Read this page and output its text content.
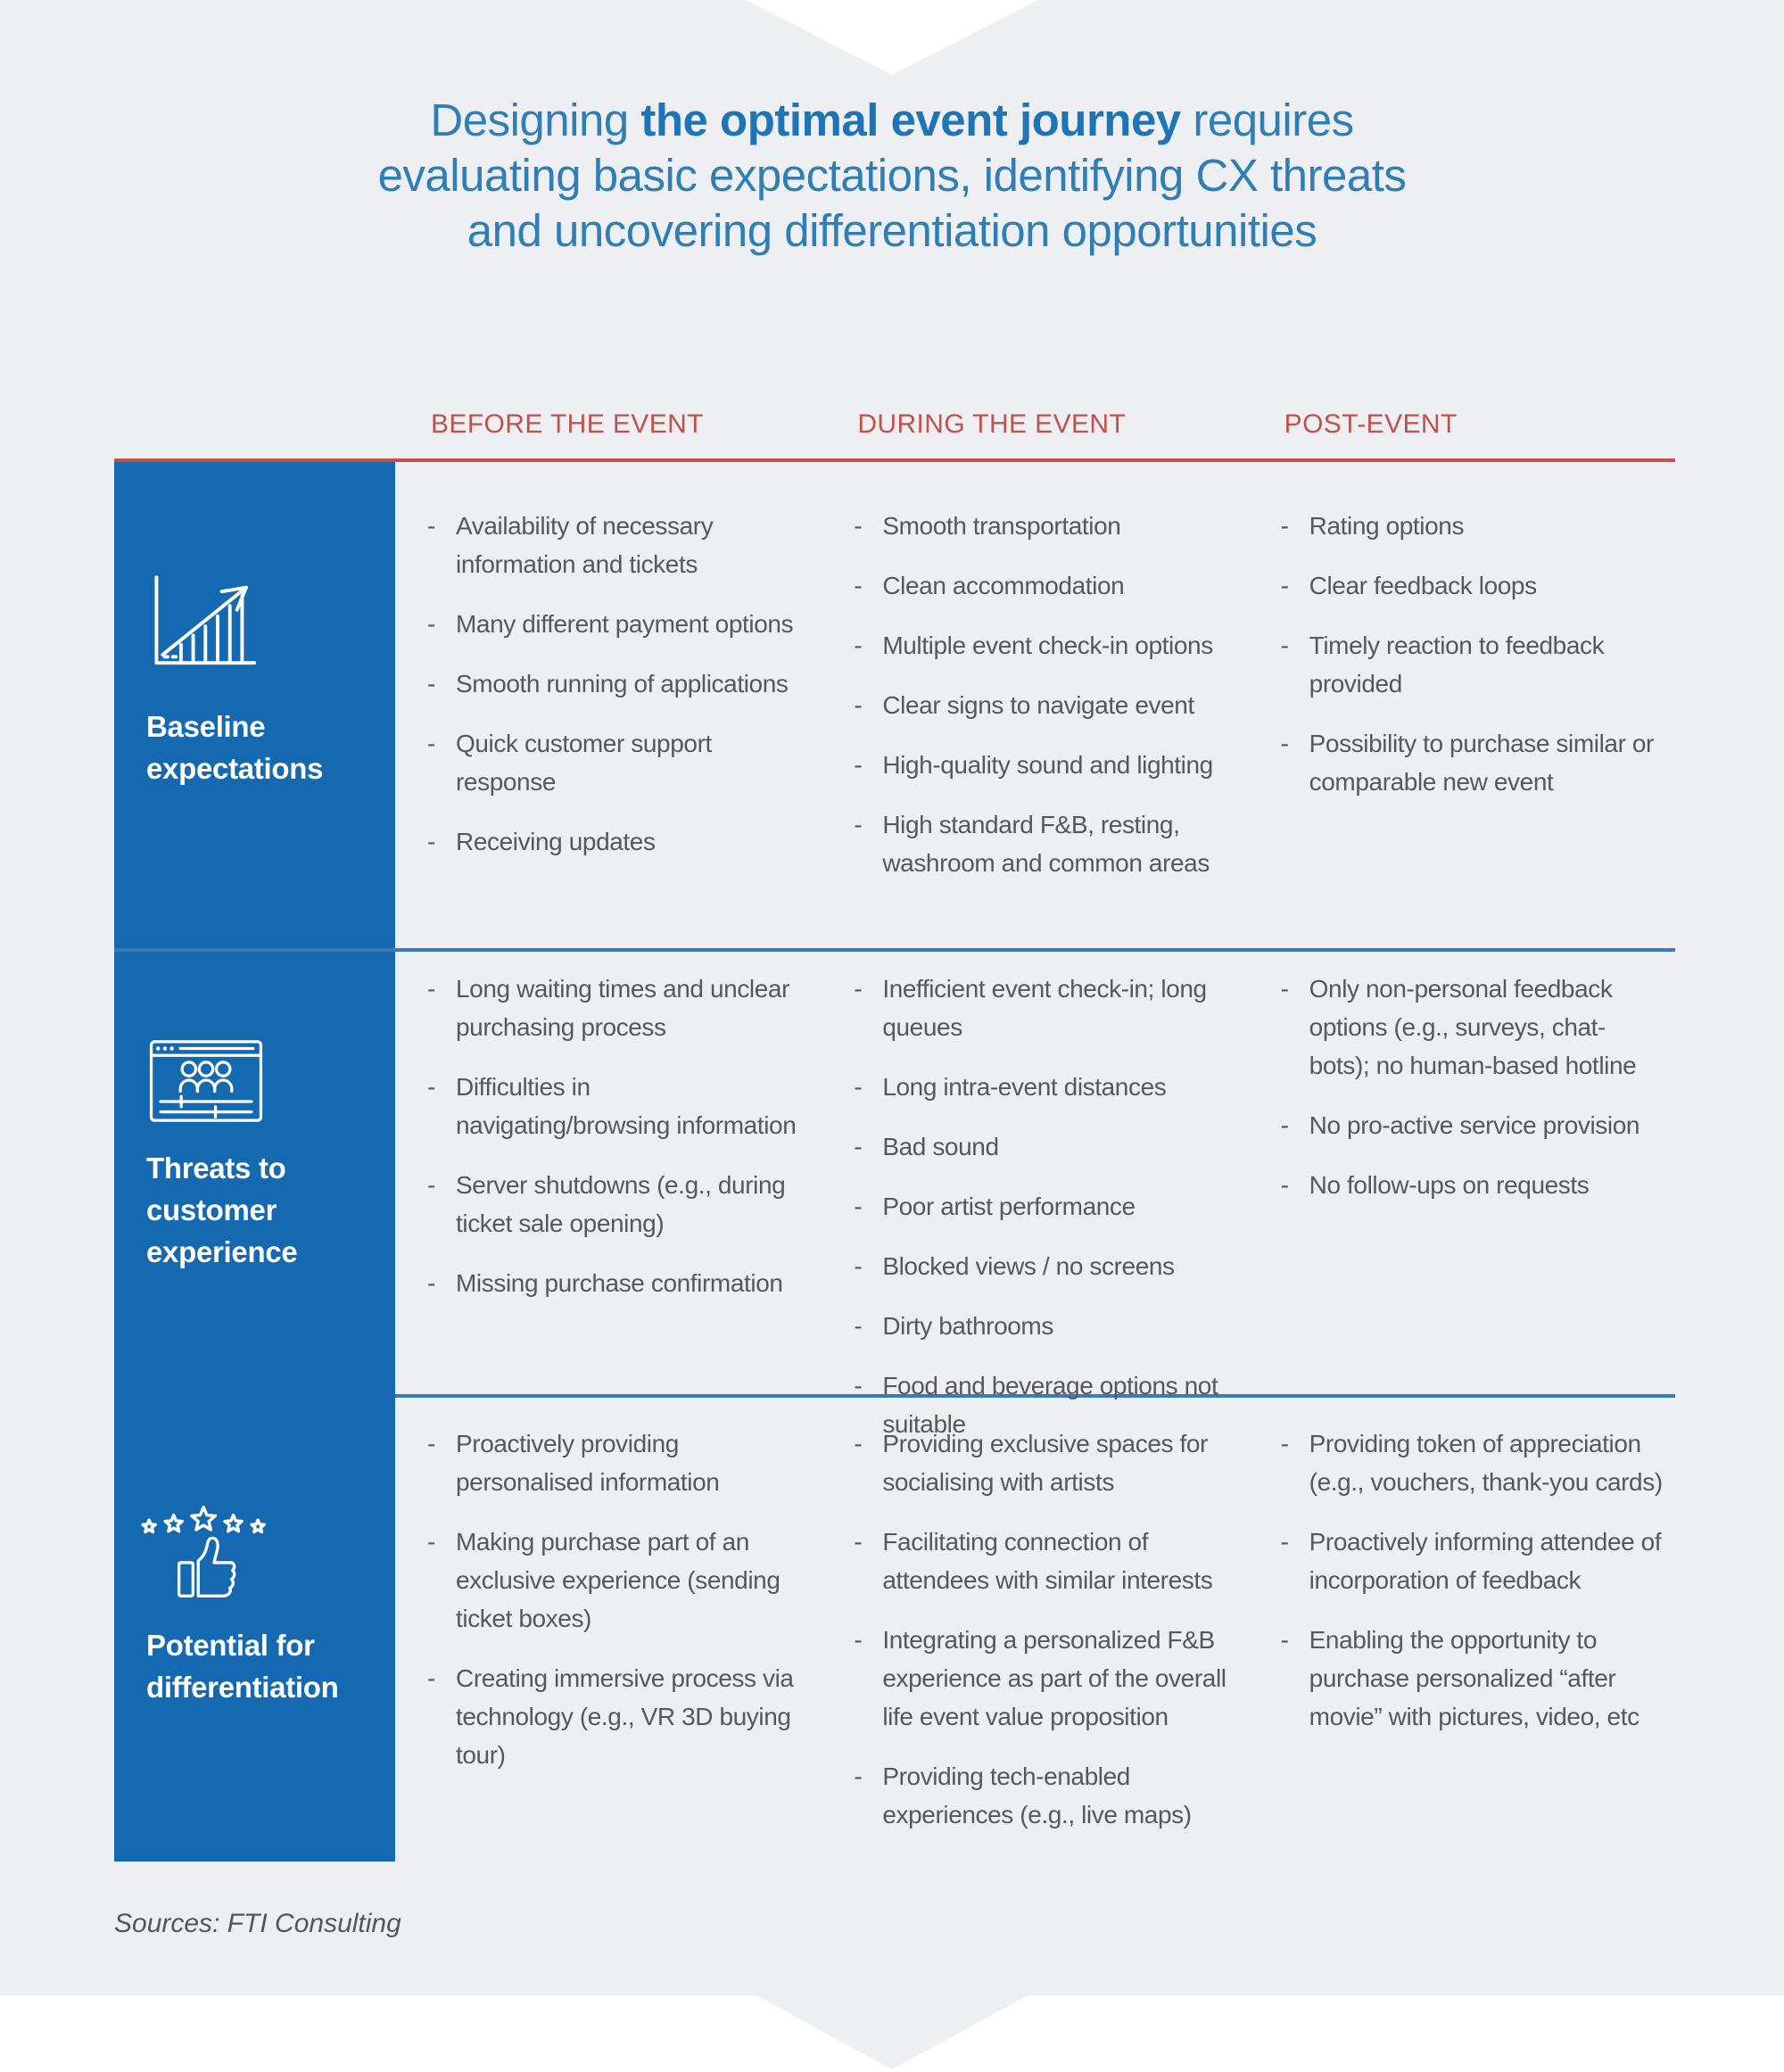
Designing the optimal event journey requires
evaluating basic expectations, identifying CX threats
and uncovering differentiation opportunities
BEFORE THE EVENT	DURING THE EVENT	POST-EVENT
Baseline expectations
- Availability of necessary information and tickets
- Many different payment options
- Smooth running of applications
- Quick customer support response
- Receiving updates
- Smooth transportation
- Clean accommodation
- Multiple event check-in options
- Clear signs to navigate event
- High-quality sound and lighting
- High standard F&B, resting, washroom and common areas
- Rating options
- Clear feedback loops
- Timely reaction to feedback provided
- Possibility to purchase similar or comparable new event
Threats to customer experience
- Long waiting times and unclear purchasing process
- Difficulties in navigating/browsing information
- Server shutdowns (e.g., during ticket sale opening)
- Missing purchase confirmation
- Inefficient event check-in; long queues
- Long intra-event distances
- Bad sound
- Poor artist performance
- Blocked views / no screens
- Dirty bathrooms
- Food and beverage options not suitable
- Only non-personal feedback options (e.g., surveys, chat-bots); no human-based hotline
- No pro-active service provision
- No follow-ups on requests
Potential for differentiation
- Proactively providing personalised information
- Making purchase part of an exclusive experience (sending ticket boxes)
- Creating immersive process via technology (e.g., VR 3D buying tour)
- Providing exclusive spaces for socialising with artists
- Facilitating connection of attendees with similar interests
- Integrating a personalized F&B experience as part of the overall life event value proposition
- Providing tech-enabled experiences (e.g., live maps)
- Providing token of appreciation (e.g., vouchers, thank-you cards)
- Proactively informing attendee of incorporation of feedback
- Enabling the opportunity to purchase personalized “after movie” with pictures, video, etc
Sources: FTI Consulting
